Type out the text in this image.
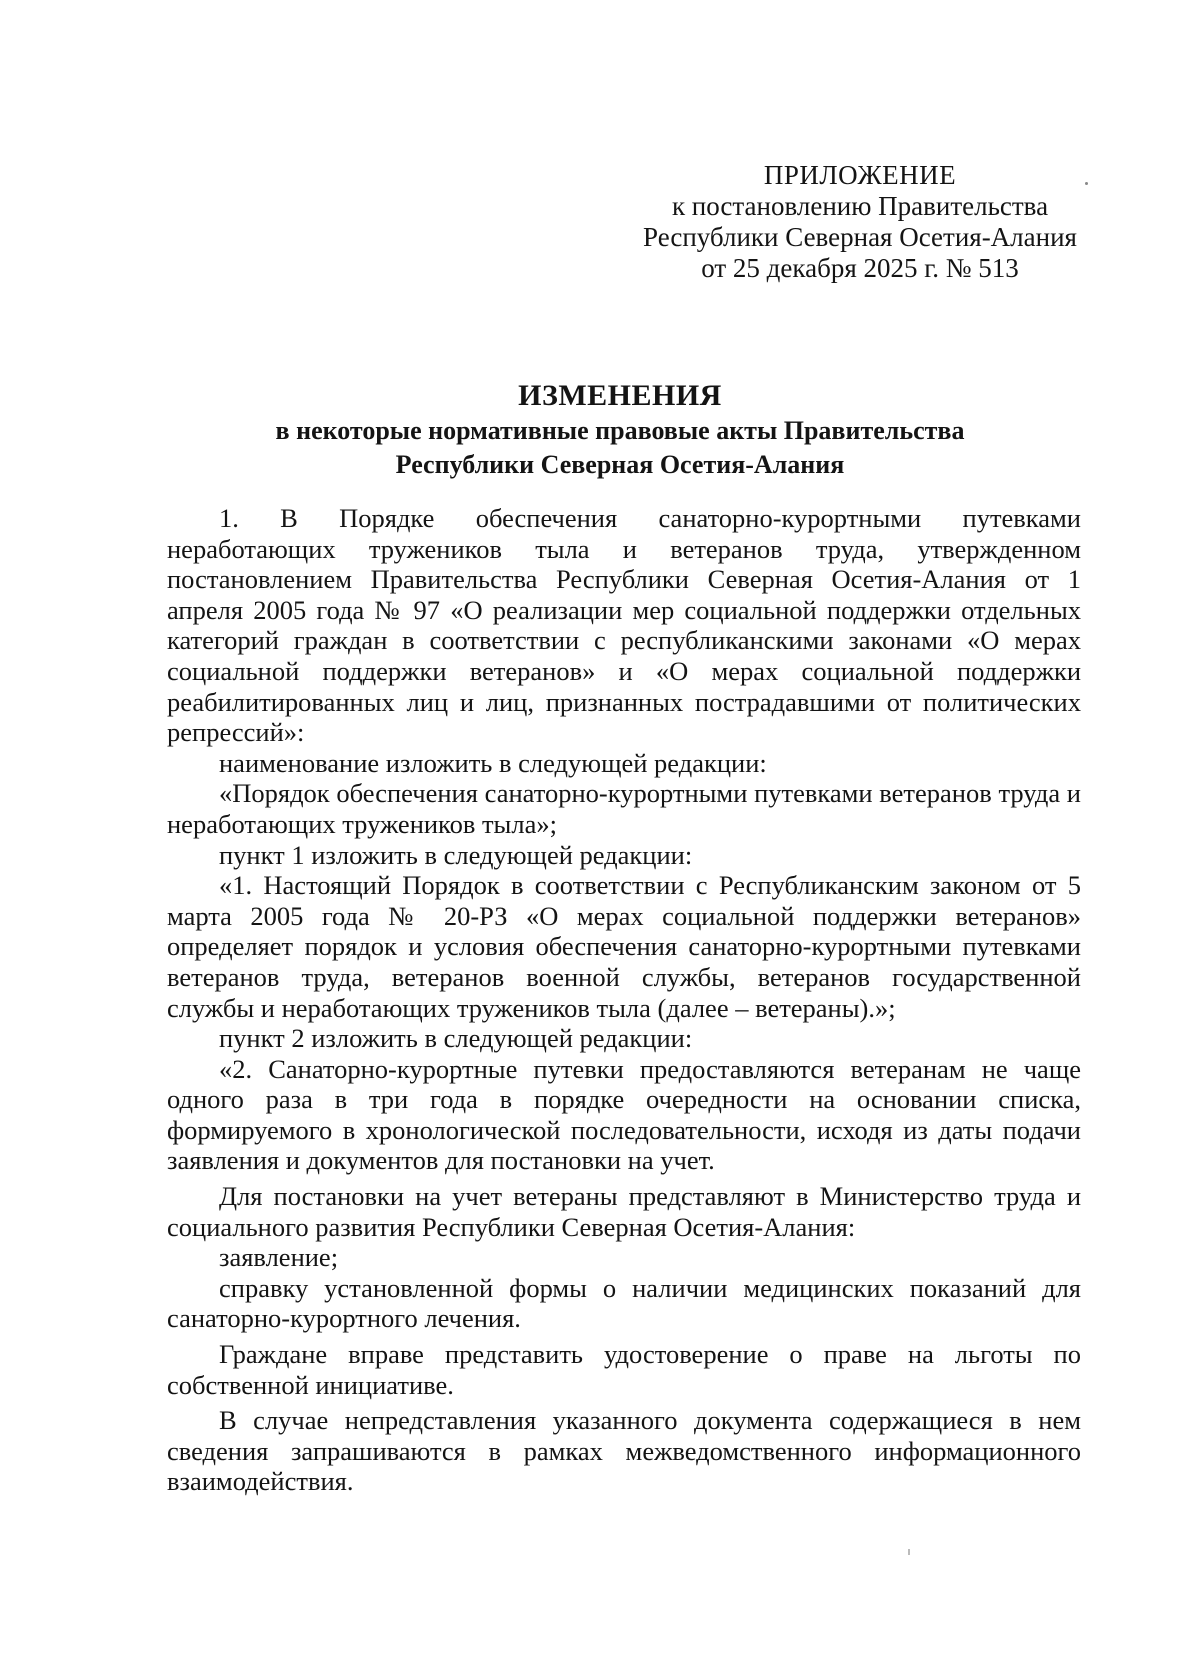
ПРИЛОЖЕНИЕ
к постановлению Правительства
Республики Северная Осетия-Алания
от 25 декабря 2025 г. № 513
ИЗМЕНЕНИЯ
в некоторые нормативные правовые акты Правительства
Республики Северная Осетия-Алания

1. В Порядке обеспечения санаторно-курортными путевками неработающих тружеников тыла и ветеранов труда, утвержденном постановлением Правительства Республики Северная Осетия-Алания от 1 апреля 2005 года № 97 «О реализации мер социальной поддержки отдельных категорий граждан в соответствии с республиканскими законами «О мерах социальной поддержки ветеранов» и «О мерах социальной поддержки реабилитированных лиц и лиц, признанных пострадавшими от политических репрессий»:

наименование изложить в следующей редакции:

«Порядок обеспечения санаторно-курортными путевками ветеранов труда и неработающих тружеников тыла»;

пункт 1 изложить в следующей редакции:

«1. Настоящий Порядок в соответствии с Республиканским законом от 5 марта 2005 года № 20-РЗ «О мерах социальной поддержки ветеранов» определяет порядок и условия обеспечения санаторно-курортными путевками ветеранов труда, ветеранов военной службы, ветеранов государственной службы и неработающих тружеников тыла (далее – ветераны).»;

пункт 2 изложить в следующей редакции:

«2. Санаторно-курортные путевки предоставляются ветеранам не чаще одного раза в три года в порядке очередности на основании списка, формируемого в хронологической последовательности, исходя из даты подачи заявления и документов для постановки на учет.

Для постановки на учет ветераны представляют в Министерство труда и социального развития Республики Северная Осетия-Алания:

заявление;

справку установленной формы о наличии медицинских показаний для санаторно-курортного лечения.

Граждане вправе представить удостоверение о праве на льготы по собственной инициативе.

В случае непредставления указанного документа содержащиеся в нем сведения запрашиваются в рамках межведомственного информационного взаимодействия.
